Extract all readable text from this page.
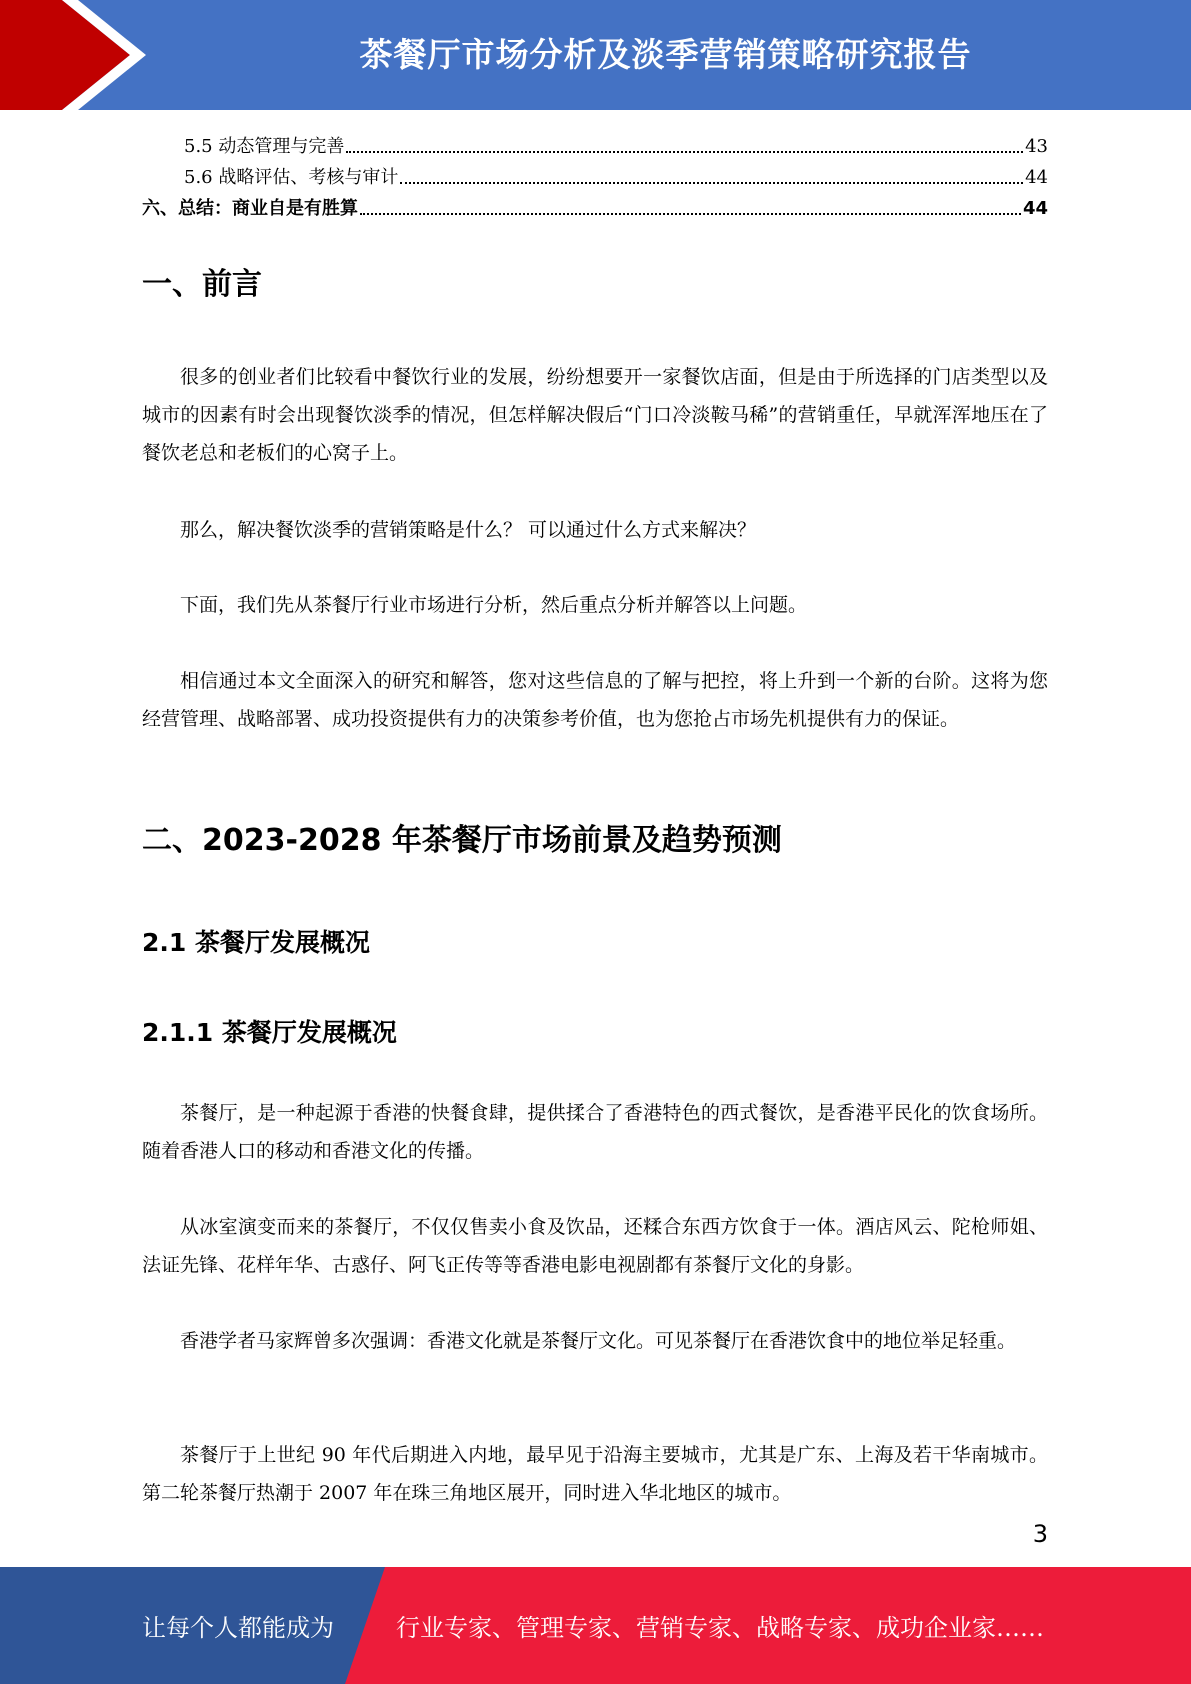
茶餐厅市场分析及淡季营销策略研究报告
5.5 动态管理与完善	43
5.6 战略评估、考核与审计	44
六、总结：商业自是有胜算	44
一、前言
很多的创业者们比较看中餐饮行业的发展，纷纷想要开一家餐饮店面，但是由于所选择的门店类型以及城市的因素有时会出现餐饮淡季的情况，但怎样解决假后“门口冷淡鞍马稀”的营销重任，早就浑浑地压在了餐饮老总和老板们的心窝子上。
那么，解决餐饮淡季的营销策略是什么？ 可以通过什么方式来解决？
下面，我们先从茶餐厅行业市场进行分析，然后重点分析并解答以上问题。
相信通过本文全面深入的研究和解答，您对这些信息的了解与把控，将上升到一个新的台阶。这将为您经营管理、战略部署、成功投资提供有力的决策参考价值，也为您抢占市场先机提供有力的保证。
二、2023-2028 年茶餐厅市场前景及趋势预测
2.1 茶餐厅发展概况
2.1.1 茶餐厅发展概况
茶餐厅，是一种起源于香港的快餐食肆，提供揉合了香港特色的西式餐饮，是香港平民化的饮食场所。随着香港人口的移动和香港文化的传播。
从冰室演变而来的茶餐厅，不仅仅售卖小食及饮品，还糅合东西方饮食于一体。酒店风云、陀枪师姐、法证先锋、花样年华、古惑仔、阿飞正传等等香港电影电视剧都有茶餐厅文化的身影。
香港学者马家辉曾多次强调：香港文化就是茶餐厅文化。可见茶餐厅在香港饮食中的地位举足轻重。
茶餐厅于上世纪 90 年代后期进入内地，最早见于沿海主要城市，尤其是广东、上海及若干华南城市。第二轮茶餐厅热潮于 2007 年在珠三角地区展开，同时进入华北地区的城市。
3
让每个人都能成为	行业专家、管理专家、营销专家、战略专家、成功企业家……
